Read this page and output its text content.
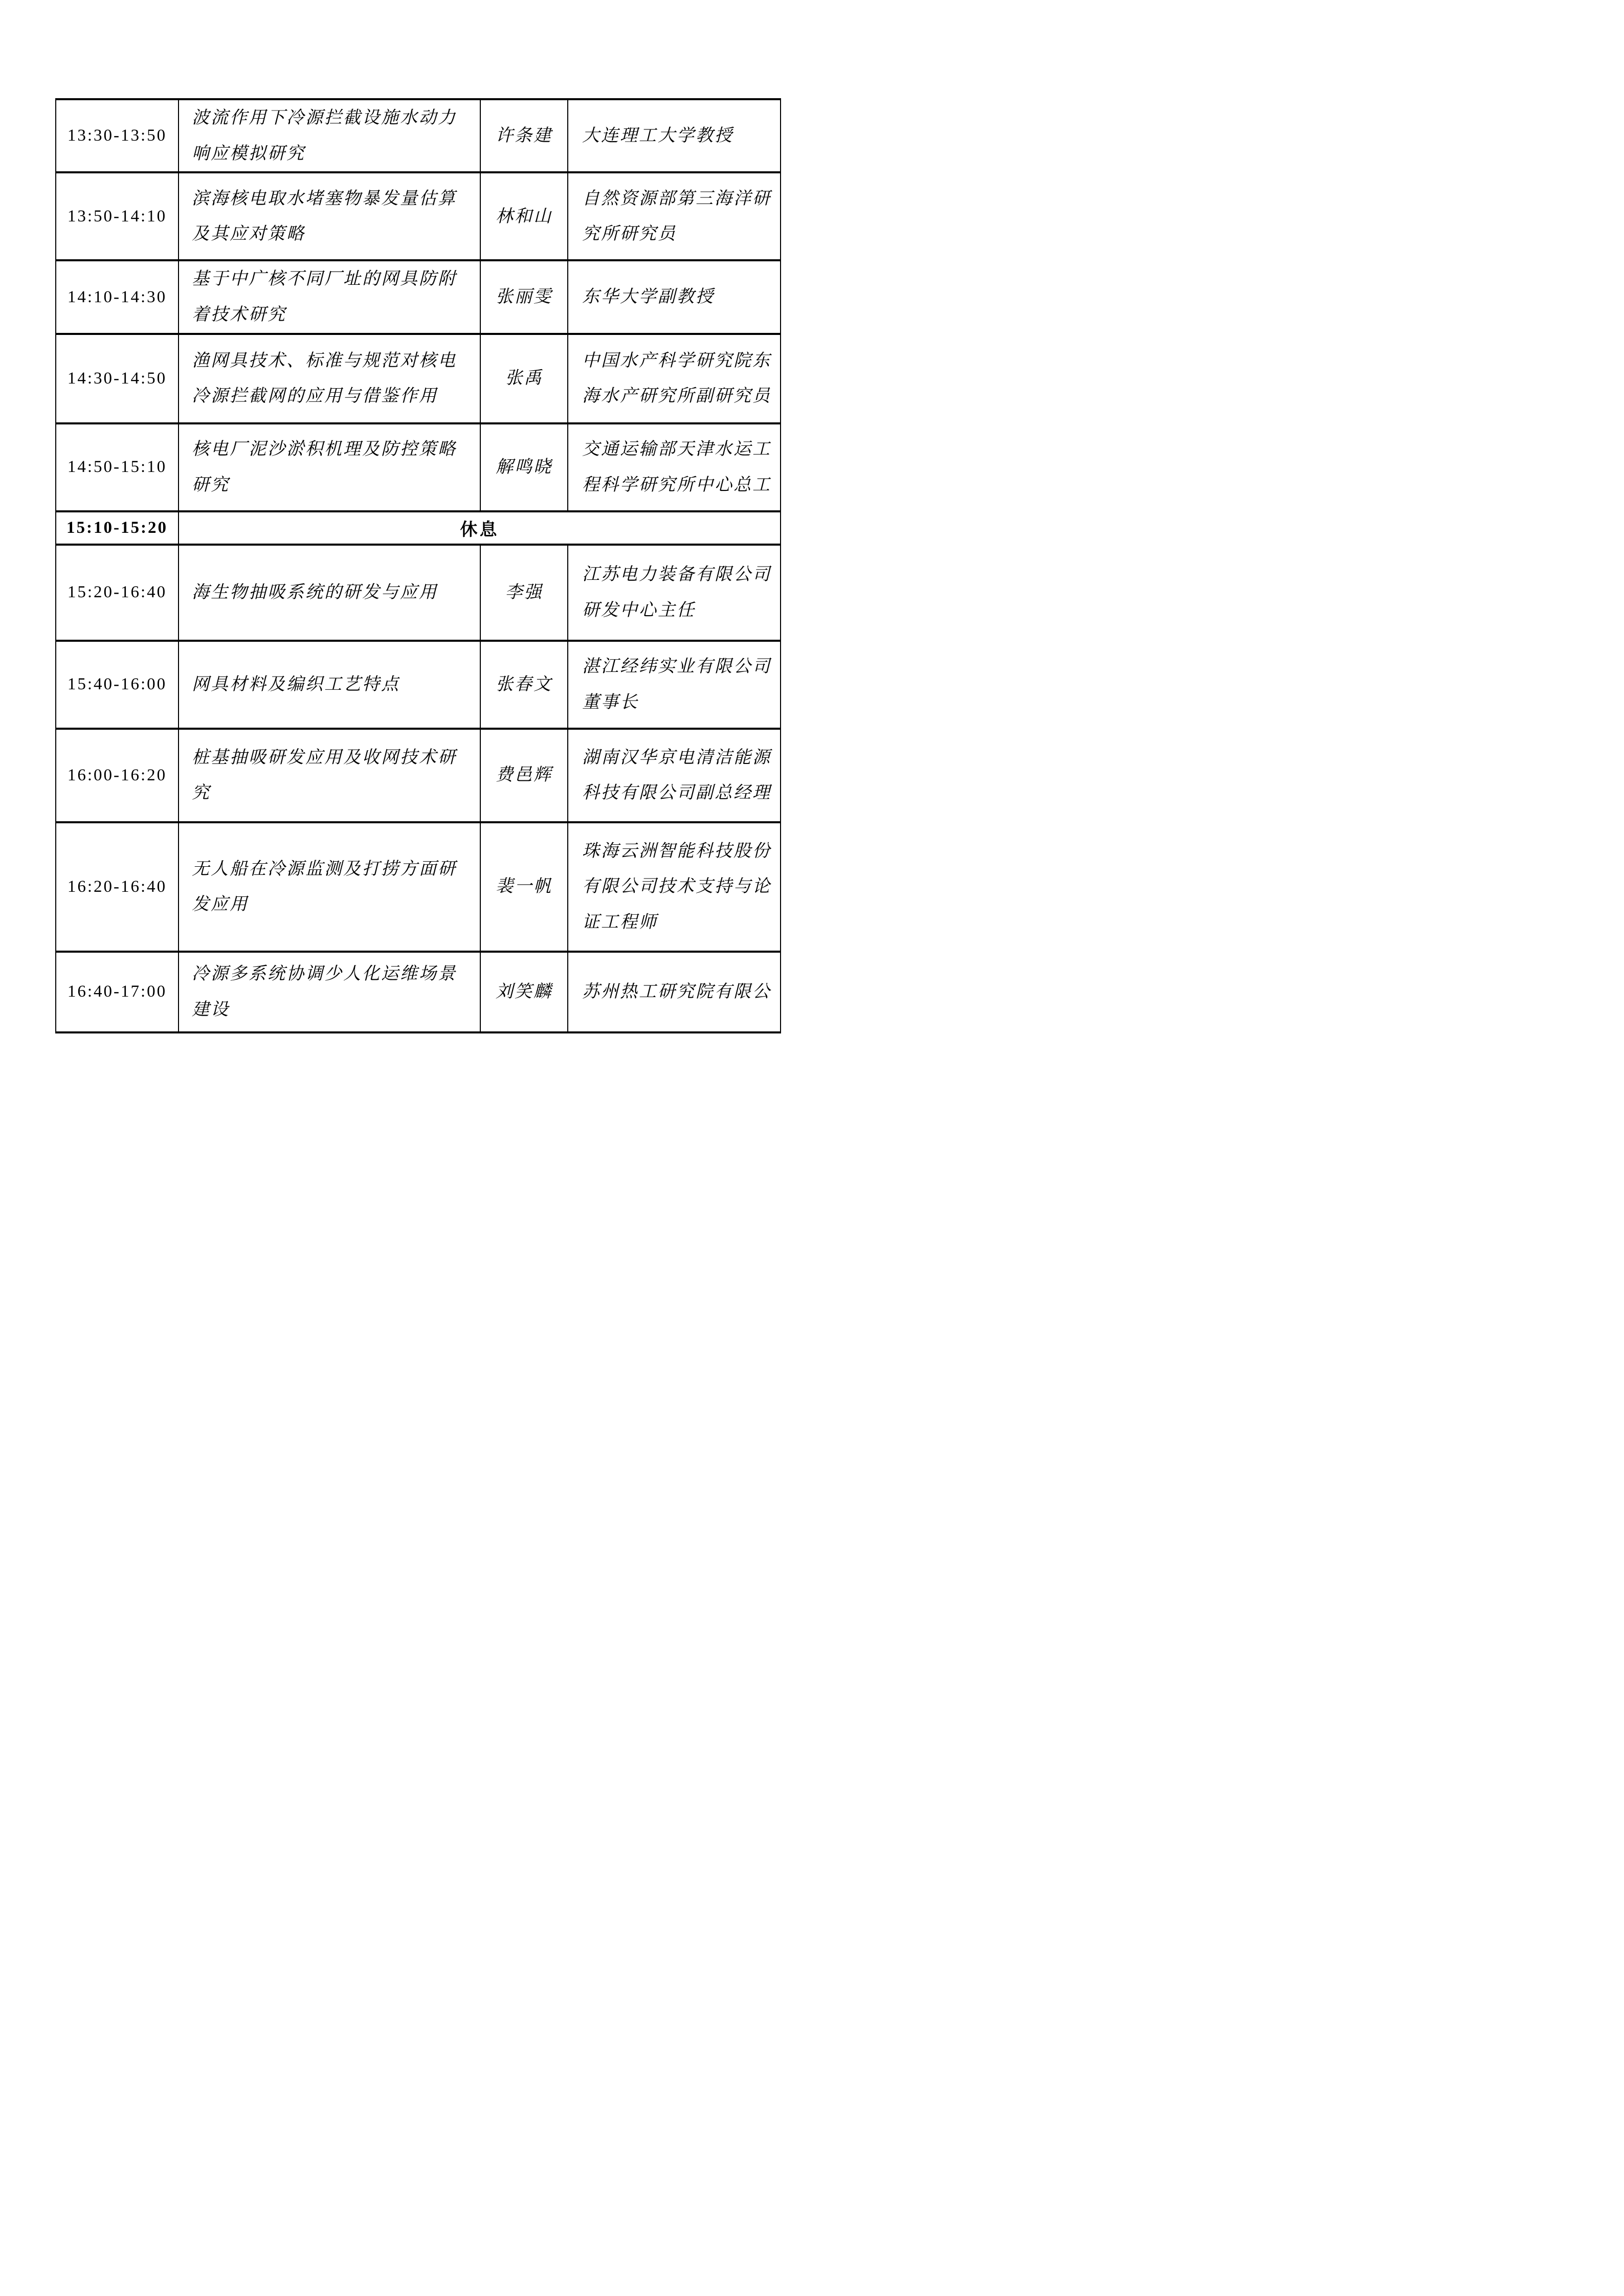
13:30-13:50	波流作用下冷源拦截设施水动力响应模拟研究	许条建	大连理工大学教授
13:50-14:10	滨海核电取水堵塞物暴发量估算及其应对策略	林和山	自然资源部第三海洋研究所研究员
14:10-14:30	基于中广核不同厂址的网具防附着技术研究	张丽雯	东华大学副教授
14:30-14:50	渔网具技术、标准与规范对核电冷源拦截网的应用与借鉴作用	张禹	中国水产科学研究院东海水产研究所副研究员
14:50-15:10	核电厂泥沙淤积机理及防控策略研究	解鸣晓	交通运输部天津水运工程科学研究所中心总工
15:10-15:20	休息		
15:20-16:40	海生物抽吸系统的研发与应用	李强	江苏电力装备有限公司研发中心主任
15:40-16:00	网具材料及编织工艺特点	张春文	湛江经纬实业有限公司董事长
16:00-16:20	桩基抽吸研发应用及收网技术研究	费邑辉	湖南汉华京电清洁能源科技有限公司副总经理
16:20-16:40	无人船在冷源监测及打捞方面研发应用	裴一帆	珠海云洲智能科技股份有限公司技术支持与论证工程师
16:40-17:00	冷源多系统协调少人化运维场景建设	刘笑麟	苏州热工研究院有限公
